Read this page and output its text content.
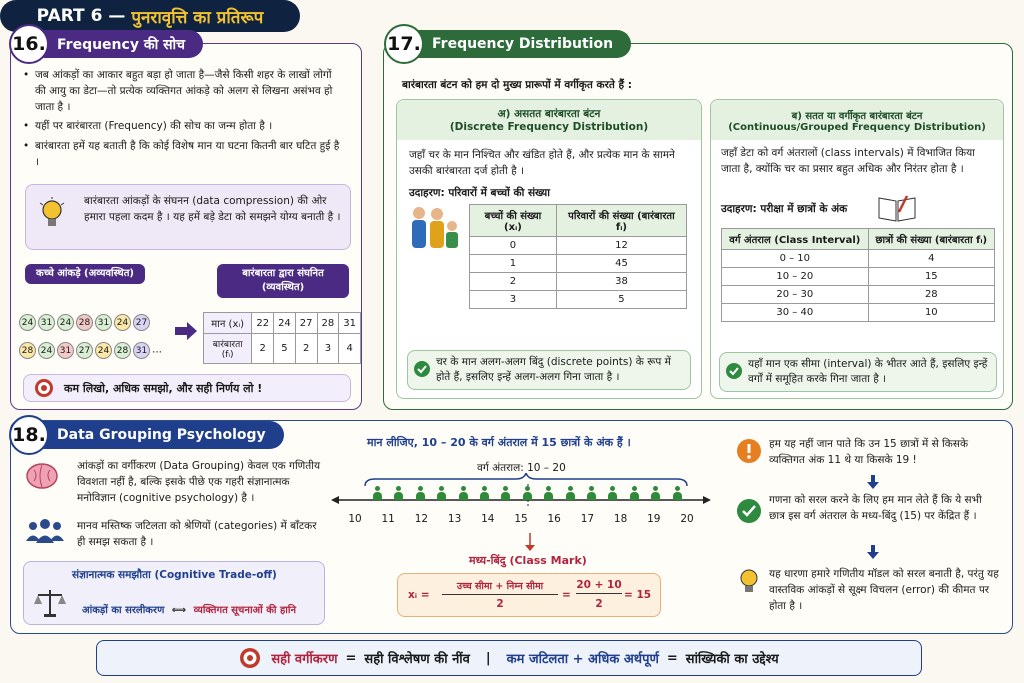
PART 6 — पुनरावृत्ति का प्रतिरूप
16. Frequency की सोच
• जब आंकड़ों का आकार बहुत बड़ा हो जाता है—जैसे किसी शहर के लाखों लोगों की आयु का डेटा—तो प्रत्येक व्यक्तिगत आंकड़े को अलग से लिखना असंभव हो जाता है ।
• यहीं पर बारंबारता (Frequency) की सोच का जन्म होता है ।
• बारंबारता हमें यह बताती है कि कोई विशेष मान या घटना कितनी बार घटित हुई है ।
बारंबारता आंकड़ों के संघनन (data compression) की ओर हमारा पहला कदम है । यह हमें बड़े डेटा को समझने योग्य बनाती है ।
कच्चे आंकड़े (अव्यवस्थित)	बारंबारता द्वारा संघनित (व्यवस्थित)
24 31 24 28 31 24 27
28 24 31 27 24 28 31 ...
मान (xᵢ)	22	24	27	28	31
बारंबारता (fᵢ)	2	5	2	3	4
कम लिखो, अधिक समझो, और सही निर्णय लो !
17. Frequency Distribution
बारंबारता बंटन को हम दो मुख्य प्रारूपों में वर्गीकृत करते हैं :
अ) असतत बारंबारता बंटन
(Discrete Frequency Distribution)
जहाँ चर के मान निश्चित और खंडित होते हैं, और प्रत्येक मान के सामने उसकी बारंबारता दर्ज होती है ।
उदाहरण: परिवारों में बच्चों की संख्या
बच्चों की संख्या (xᵢ)	परिवारों की संख्या (बारंबारता fᵢ)
0	12
1	45
2	38
3	5
चर के मान अलग-अलग बिंदु (discrete points) के रूप में होते हैं, इसलिए इन्हें अलग-अलग गिना जाता है ।
ब) सतत या वर्गीकृत बारंबारता बंटन
(Continuous/Grouped Frequency Distribution)
जहाँ डेटा को वर्ग अंतरालों (class intervals) में विभाजित किया जाता है, क्योंकि चर का प्रसार बहुत अधिक और निरंतर होता है ।
उदाहरण: परीक्षा में छात्रों के अंक
वर्ग अंतराल (Class Interval)	छात्रों की संख्या (बारंबारता fᵢ)
0 – 10	4
10 – 20	15
20 – 30	28
30 – 40	10
यहाँ मान एक सीमा (interval) के भीतर आते हैं, इसलिए इन्हें वर्गों में समूहित करके गिना जाता है ।
18. Data Grouping Psychology
आंकड़ों का वर्गीकरण (Data Grouping) केवल एक गणितीय विवशता नहीं है, बल्कि इसके पीछे एक गहरी संज्ञानात्मक मनोविज्ञान (cognitive psychology) है ।
मानव मस्तिष्क जटिलता को श्रेणियों (categories) में बाँटकर ही समझ सकता है ।
संज्ञानात्मक समझौता (Cognitive Trade-off)
आंकड़ों का सरलीकरण ⟺ व्यक्तिगत सूचनाओं की हानि
मान लीजिए, 10 – 20 के वर्ग अंतराल में 15 छात्रों के अंक हैं ।
वर्ग अंतराल: 10 – 20
10	11	12	13	14	15	16	17	18	19	20
मध्य-बिंदु (Class Mark)
xᵢ =
उच्च सीमा + निम्न सीमा
2
=
20 + 10
2
= 15
हम यह नहीं जान पाते कि उन 15 छात्रों में से किसके व्यक्तिगत अंक 11 थे या किसके 19 !
गणना को सरल करने के लिए हम मान लेते हैं कि ये सभी छात्र इस वर्ग अंतराल के मध्य-बिंदु (15) पर केंद्रित हैं ।
यह धारणा हमारे गणितीय मॉडल को सरल बनाती है, परंतु यह वास्तविक आंकड़ों से सूक्ष्म विचलन (error) की कीमत पर होता है ।
सही वर्गीकरण = सही विश्लेषण की नींव | कम जटिलता + अधिक अर्थपूर्ण = सांख्यिकी का उद्देश्य
